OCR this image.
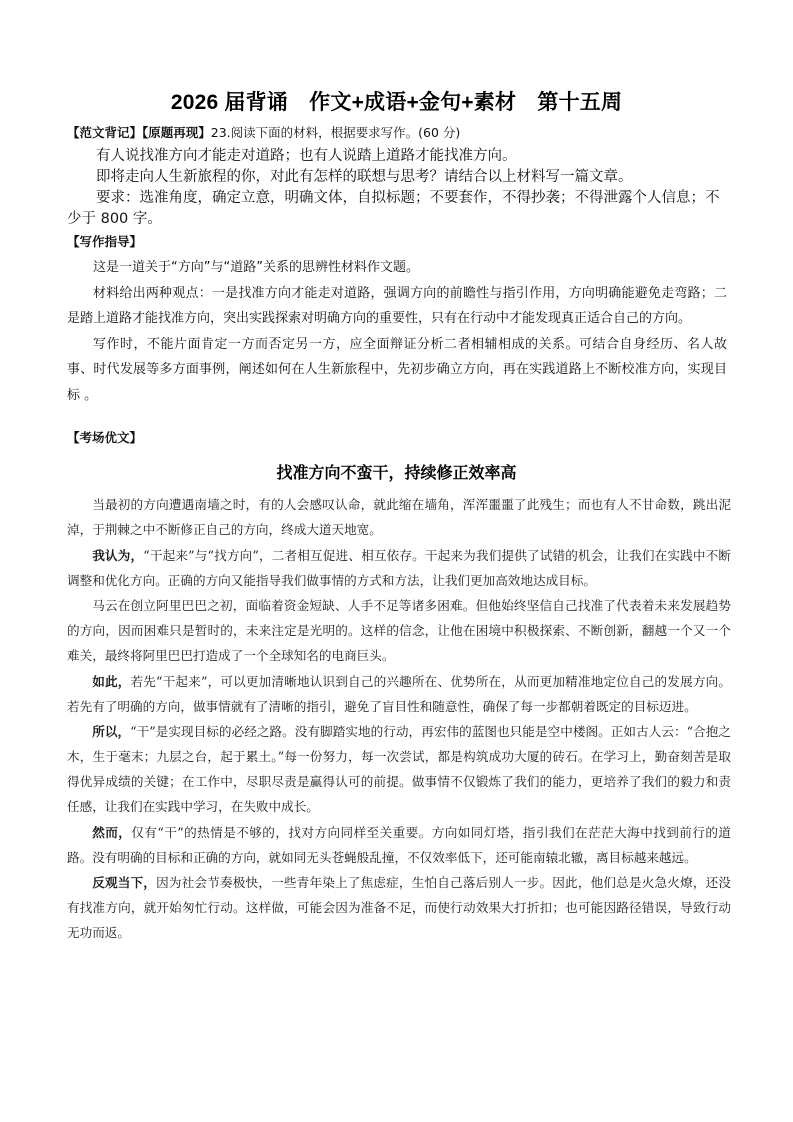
2026 届背诵　作文+成语+金句+素材　第十五周
【范文背记】【原题再现】23.阅读下面的材料，根据要求写作。(60 分)

有人说找准方向才能走对道路；也有人说踏上道路才能找准方向。

即将走向人生新旅程的你，对此有怎样的联想与思考？请结合以上材料写一篇文章。

要求：选准角度，确定立意，明确文体，自拟标题；不要套作，不得抄袭；不得泄露个人信息；不少于 800 字。

【写作指导】

这是一道关于“方向”与“道路”关系的思辨性材料作文题。

材料给出两种观点：一是找准方向才能走对道路，强调方向的前瞻性与指引作用，方向明确能避免走弯路；二是踏上道路才能找准方向，突出实践探索对明确方向的重要性，只有在行动中才能发现真正适合自己的方向。

写作时，不能片面肯定一方而否定另一方，应全面辩证分析二者相辅相成的关系。可结合自身经历、名人故事、时代发展等多方面事例，阐述如何在人生新旅程中，先初步确立方向，再在实践道路上不断校准方向，实现目标 。

【考场优文】
找准方向不蛮干，持续修正效率高

当最初的方向遭遇南墙之时，有的人会感叹认命，就此缩在墙角，浑浑噩噩了此残生；而也有人不甘命数，跳出泥淖，于荆棘之中不断修正自己的方向，终成大道天地宽。

我认为，“干起来”与“找方向”，二者相互促进、相互依存。干起来为我们提供了试错的机会，让我们在实践中不断调整和优化方向。正确的方向又能指导我们做事情的方式和方法，让我们更加高效地达成目标。

马云在创立阿里巴巴之初，面临着资金短缺、人手不足等诸多困难。但他始终坚信自己找准了代表着未来发展趋势的方向，因而困难只是暂时的，未来注定是光明的。这样的信念，让他在困境中积极探索、不断创新，翻越一个又一个难关，最终将阿里巴巴打造成了一个全球知名的电商巨头。

如此，若先“干起来”，可以更加清晰地认识到自己的兴趣所在、优势所在，从而更加精准地定位自己的发展方向。若先有了明确的方向，做事情就有了清晰的指引，避免了盲目性和随意性，确保了每一步都朝着既定的目标迈进。

所以，“干”是实现目标的必经之路。没有脚踏实地的行动，再宏伟的蓝图也只能是空中楼阁。正如古人云：“合抱之木，生于毫末；九层之台，起于累土。”每一份努力，每一次尝试，都是构筑成功大厦的砖石。在学习上，勤奋刻苦是取得优异成绩的关键；在工作中，尽职尽责是赢得认可的前提。做事情不仅锻炼了我们的能力，更培养了我们的毅力和责任感，让我们在实践中学习，在失败中成长。

然而，仅有“干”的热情是不够的，找对方向同样至关重要。方向如同灯塔，指引我们在茫茫大海中找到前行的道路。没有明确的目标和正确的方向，就如同无头苍蝇般乱撞，不仅效率低下，还可能南辕北辙，离目标越来越远。

反观当下，因为社会节奏极快，一些青年染上了焦虑症，生怕自己落后别人一步。因此，他们总是火急火燎，还没有找准方向，就开始匆忙行动。这样做，可能会因为准备不足，而使行动效果大打折扣；也可能因路径错误，导致行动无功而返。
